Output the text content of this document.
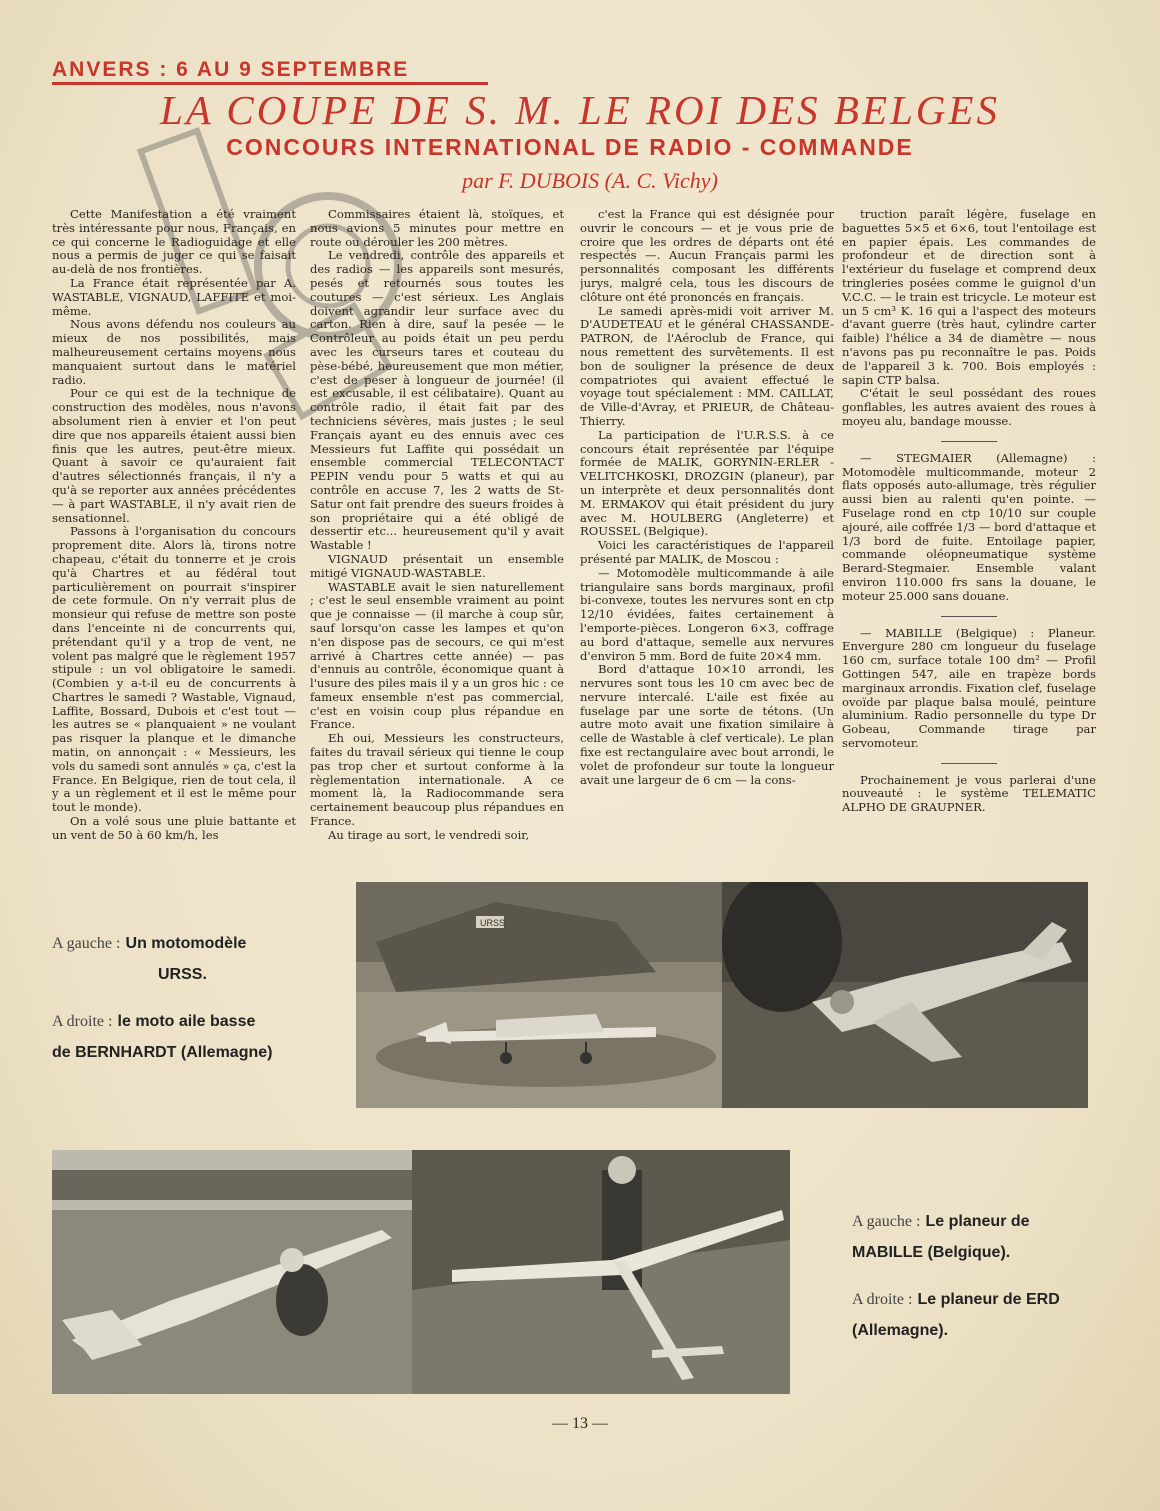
ANVERS : 6 AU 9 SEPTEMBRE
LA COUPE DE S. M. LE ROI DES BELGES
CONCOURS INTERNATIONAL DE RADIO - COMMANDE
par F. DUBOIS (A. C. Vichy)

Cette Manifestation a été vraiment très intéressante pour nous, Français, en ce qui concerne le Radioguidage et elle nous a permis de juger ce qui se faisait au-delà de nos frontières.

La France était représentée par A. WASTABLE, VIGNAUD, LAFFITE et moi-même.

Nous avons défendu nos couleurs au mieux de nos possibilités, mais malheureusement certains moyens nous manquaient surtout dans le matériel radio.

Pour ce qui est de la technique de construction des modèles, nous n'avons absolument rien à envier et l'on peut dire que nos appareils étaient aussi bien finis que les autres, peut-être mieux. Quant à savoir ce qu'auraient fait d'autres sélectionnés français, il n'y a qu'à se reporter aux années précédentes — à part WASTABLE, il n'y avait rien de sensationnel.

Passons à l'organisation du concours proprement dite. Alors là, tirons notre chapeau, c'était du tonnerre et je crois qu'à Chartres et au fédéral tout particulièrement on pourrait s'inspirer de cete formule. On n'y verrait plus de monsieur qui refuse de mettre son poste dans l'enceinte ni de concurrents qui, prétendant qu'il y a trop de vent, ne volent pas malgré que le règlement 1957 stipule : un vol obligatoire le samedi. (Combien y a-t-il eu de concurrents à Chartres le samedi ? Wastable, Vignaud, Laffite, Bossard, Dubois et c'est tout — les autres se « planquaient » ne voulant pas risquer la planque et le dimanche matin, on annonçait : « Messieurs, les vols du samedi sont annulés » ça, c'est la France. En Belgique, rien de tout cela, il y a un règlement et il est le même pour tout le monde).

On a volé sous une pluie battante et un vent de 50 à 60 km/h, les

Commissaires étaient là, stoïques, et nous avions 5 minutes pour mettre en route ou dérouler les 200 mètres.

Le vendredi, contrôle des appareils et des radios — les appareils sont mesurés, pesés et retournés sous toutes les coutures — c'est sérieux. Les Anglais doivent agrandir leur surface avec du carton. Rien à dire, sauf la pesée — le Contrôleur au poids était un peu perdu avec les curseurs tares et couteau du pèse-bébé, heureusement que mon métier, c'est de peser à longueur de journée! (il est excusable, il est célibataire). Quant au contrôle radio, il était fait par des techniciens sévères, mais justes ; le seul Français ayant eu des ennuis avec ces Messieurs fut Laffite qui possédait un ensemble commercial TELECONTACT PEPIN vendu pour 5 watts et qui au contrôle en accuse 7, les 2 watts de St-Satur ont fait prendre des sueurs froides à son propriétaire qui a été obligé de dessertir etc... heureusement qu'il y avait Wastable !

VIGNAUD présentait un ensemble mitigé VIGNAUD-WASTABLE.

WASTABLE avait le sien naturellement ; c'est le seul ensemble vraiment au point que je connaisse — (il marche à coup sûr, sauf lorsqu'on casse les lampes et qu'on n'en dispose pas de secours, ce qui m'est arrivé à Chartres cette année) — pas d'ennuis au contrôle, économique quant à l'usure des piles mais il y a un gros hic : ce fameux ensemble n'est pas commercial, c'est en voisin coup plus répandue en France.

Eh oui, Messieurs les constructeurs, faites du travail sérieux qui tienne le coup pas trop cher et surtout conforme à la règlementation internationale. A ce moment là, la Radiocommande sera certainement beaucoup plus répandues en France.

Au tirage au sort, le vendredi soir,

c'est la France qui est désignée pour ouvrir le concours — et je vous prie de croire que les ordres de départs ont été respectés —. Aucun Français parmi les personnalités composant les différents jurys, malgré cela, tous les discours de clôture ont été prononcés en français.

Le samedi après-midi voit arriver M. D'AUDETEAU et le général CHASSANDE-PATRON, de l'Aéroclub de France, qui nous remettent des survêtements. Il est bon de souligner la présence de deux compatriotes qui avaient effectué le voyage tout spécialement : MM. CAILLAT, de Ville-d'Avray, et PRIEUR, de Château-Thierry.

La participation de l'U.R.S.S. à ce concours était représentée par l'équipe formée de MALIK, GORYNIN-ERLER - VELITCHKOSKI, DROZGIN (planeur), par un interprète et deux personnalités dont M. ERMAKOV qui était président du jury avec M. HOULBERG (Angleterre) et ROUSSEL (Belgique).

Voici les caractéristiques de l'appareil présenté par MALIK, de Moscou :

— Motomodèle multicommande à aile triangulaire sans bords marginaux, profil bi-convexe, toutes les nervures sont en ctp 12/10 évidées, faites certainement à l'emporte-pièces. Longeron 6×3, coffrage au bord d'attaque, semelle aux nervures d'environ 5 mm. Bord de fuite 20×4 mm.

Bord d'attaque 10×10 arrondi, les nervures sont tous les 10 cm avec bec de nervure intercalé. L'aile est fixée au fuselage par une sorte de tétons. (Un autre moto avait une fixation similaire à celle de Wastable à clef verticale). Le plan fixe est rectangulaire avec bout arrondi, le volet de profondeur sur toute la longueur avait une largeur de 6 cm — la cons-

truction paraît légère, fuselage en baguettes 5×5 et 6×6, tout l'entoilage est en papier épais. Les commandes de profondeur et de direction sont à l'extérieur du fuselage et comprend deux tringleries posées comme le guignol d'un V.C.C. — le train est tricycle. Le moteur est un 5 cm³ K. 16 qui a l'aspect des moteurs d'avant guerre (très haut, cylindre carter faible) l'hélice a 34 de diamètre — nous n'avons pas pu reconnaître le pas. Poids de l'appareil 3 k. 700. Bois employés : sapin CTP balsa.

C'était le seul possédant des roues gonflables, les autres avaient des roues à moyeu alu, bandage mousse.

— STEGMAIER (Allemagne) : Motomodèle multicommande, moteur 2 flats opposés auto-allumage, très régulier aussi bien au ralenti qu'en pointe. — Fuselage rond en ctp 10/10 sur couple ajouré, aile coffrée 1/3 — bord d'attaque et 1/3 bord de fuite. Entoilage papier, commande oléopneumatique système Berard-Stegmaier. Ensemble valant environ 110.000 frs sans la douane, le moteur 25.000 sans douane.

— MABILLE (Belgique) : Planeur. Envergure 280 cm longueur du fuselage 160 cm, surface totale 100 dm² — Profil Gottingen 547, aile en trapèze bords marginaux arrondis. Fixation clef, fuselage ovoïde par plaque balsa moulé, peinture aluminium. Radio personnelle du type Dr Gobeau, Commande tirage par servomoteur.

Prochainement je vous parlerai d'une nouveauté : le système TELEMATIC ALPHO DE GRAUPNER.

A gauche : Un motomodèle
URSS.
A droite : le moto aile basse
de BERNHARDT (Allemagne)
URSS
A gauche : Le planeur de
MABILLE (Belgique).
A droite : Le planeur de ERD
(Allemagne).
— 13 —
